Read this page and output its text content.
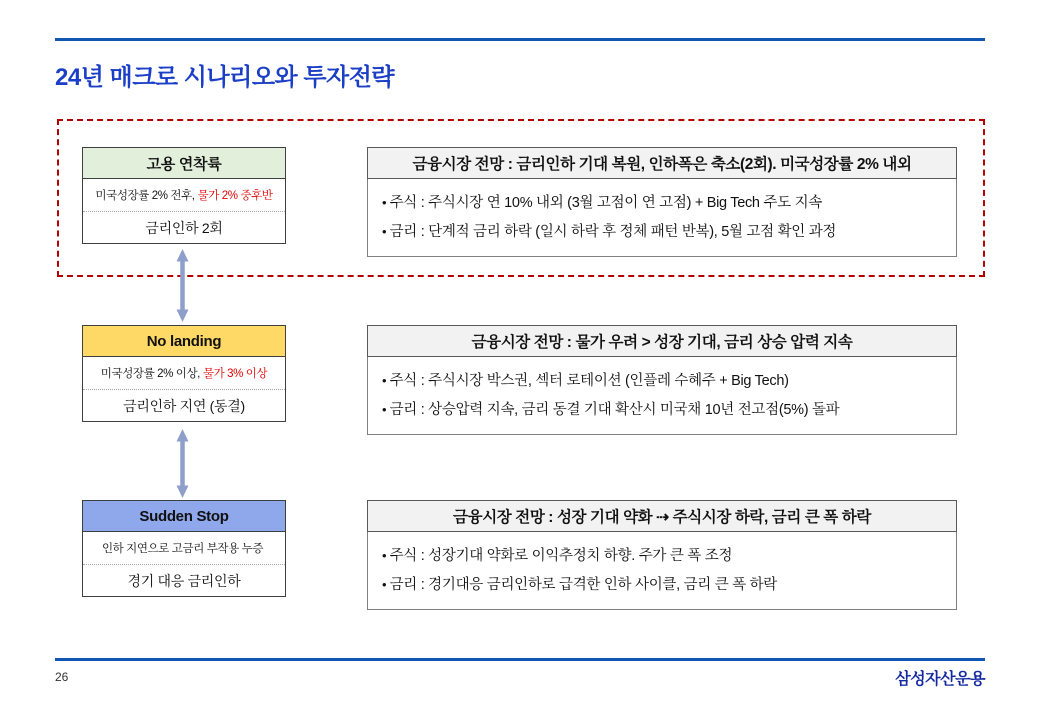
24년 매크로 시나리오와 투자전략
고용 연착륙
미국성장률 2% 전후, 물가 2% 중후반
금리인하 2회
금융시장 전망 : 금리인하 기대 복원, 인하폭은 축소(2회). 미국성장률 2% 내외
• 주식 : 주식시장 연 10% 내외 (3월 고점이 연 고점) + Big Tech 주도 지속
• 금리 : 단계적 금리 하락 (일시 하락 후 정체 패턴 반복), 5월 고점 확인 과정
No landing
미국성장률 2% 이상, 물가 3% 이상
금리인하 지연 (동결)
금융시장 전망 : 물가 우려 > 성장 기대, 금리 상승 압력 지속
• 주식 : 주식시장 박스권, 섹터 로테이션 (인플레 수혜주 + Big Tech)
• 금리 : 상승압력 지속, 금리 동결 기대 확산시 미국채 10년 전고점(5%) 돌파
Sudden Stop
인하 지연으로 고금리 부작용 누증
경기 대응 금리인하
금융시장 전망 : 성장 기대 약화 ⇢ 주식시장 하락, 금리 큰 폭 하락
• 주식 : 성장기대 약화로 이익추정치 하향. 주가 큰 폭 조정
• 금리 : 경기대응 금리인하로 급격한 인하 사이클, 금리 큰 폭 하락
26	삼성자산운용
